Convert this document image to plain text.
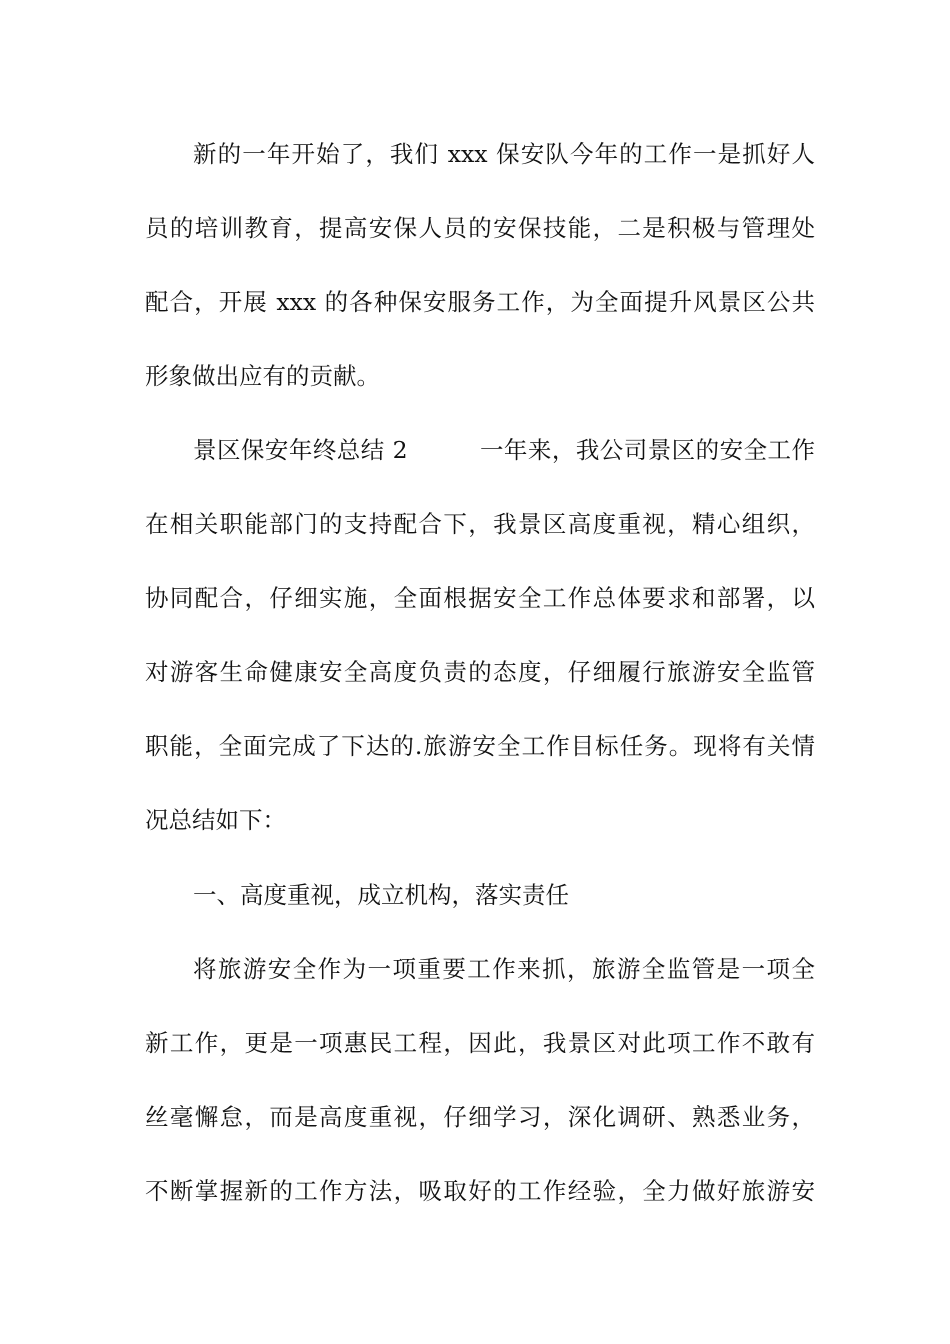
新的一年开始了，我们 xxx 保安队今年的工作一是抓好人
员的培训教育，提高安保人员的安保技能，二是积极与管理处
配合，开展 xxx 的各种保安服务工作，为全面提升风景区公共
形象做出应有的贡献。
景区保安年终总结 2　　　一年来，我公司景区的安全工作
在相关职能部门的支持配合下，我景区高度重视，精心组织，
协同配合，仔细实施，全面根据安全工作总体要求和部署，以
对游客生命健康安全高度负责的态度，仔细履行旅游安全监管
职能，全面完成了下达的.旅游安全工作目标任务。现将有关情
况总结如下：
一、高度重视，成立机构，落实责任
将旅游安全作为一项重要工作来抓，旅游全监管是一项全
新工作，更是一项惠民工程，因此，我景区对此项工作不敢有
丝毫懈怠，而是高度重视，仔细学习，深化调研、熟悉业务，
不断掌握新的工作方法，吸取好的工作经验，全力做好旅游安
